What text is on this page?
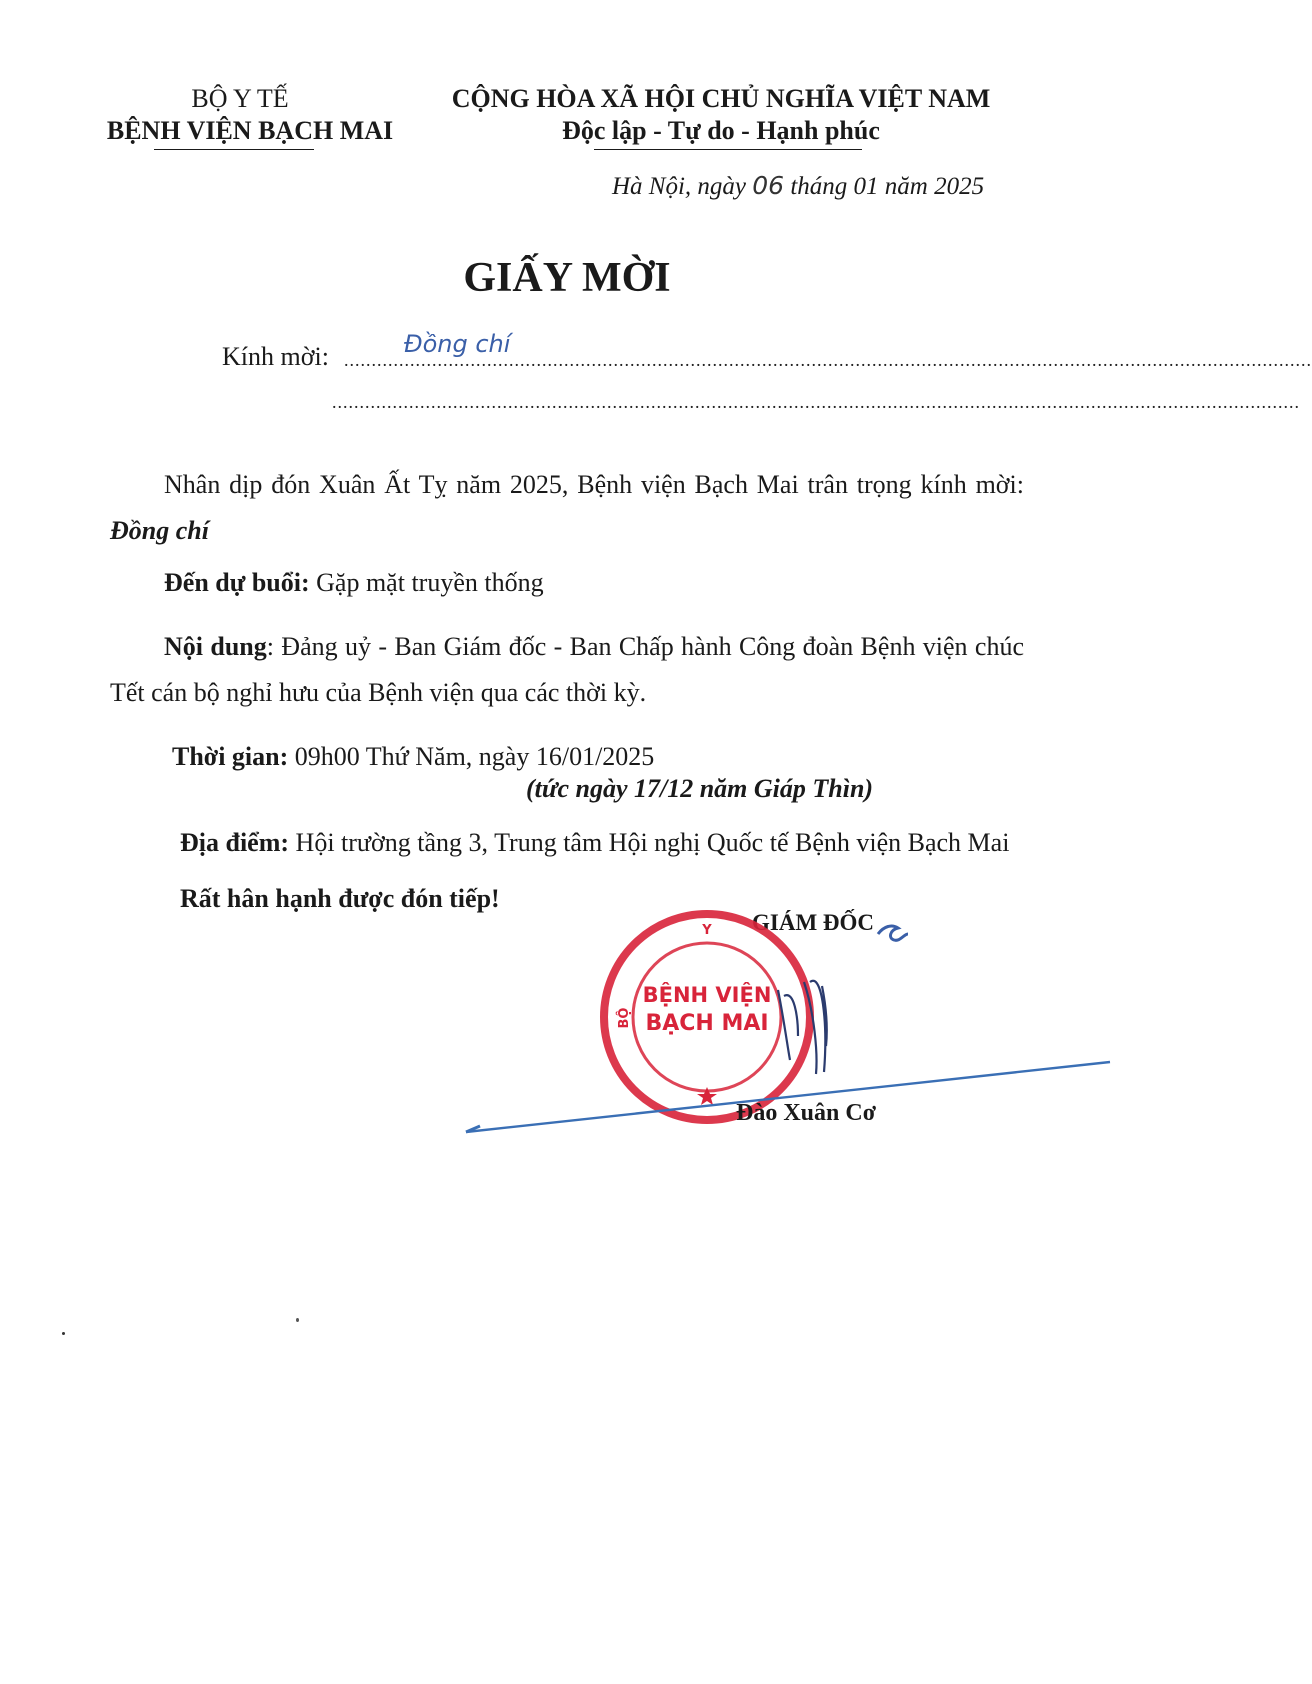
BỘ Y TẾ
BỆNH VIỆN BẠCH MAI
CỘNG HÒA XÃ HỘI CHỦ NGHĨA VIỆT NAM
Độc lập - Tự do - Hạnh phúc
Hà Nội, ngày 06 tháng 01 năm 2025
GIẤY MỜI
Kính mời: ................................................................................................................................................................................
Đồng chí
................................................................................................................................................................................
Nhân dịp đón Xuân Ất Tỵ năm 2025, Bệnh viện Bạch Mai trân trọng kính mời: Đồng chí
Đến dự buổi: Gặp mặt truyền thống
Nội dung: Đảng uỷ - Ban Giám đốc - Ban Chấp hành Công đoàn Bệnh viện chúc Tết cán bộ nghỉ hưu của Bệnh viện qua các thời kỳ.
Thời gian: 09h00 Thứ Năm, ngày 16/01/2025
(tức ngày 17/12 năm Giáp Thìn)
Địa điểm: Hội trường tầng 3, Trung tâm Hội nghị Quốc tế Bệnh viện Bạch Mai
Rất hân hạnh được đón tiếp!
GIÁM ĐỐC
Y
BỘ
BỆNH VIỆN
BẠCH MAI
Đào Xuân Cơ
